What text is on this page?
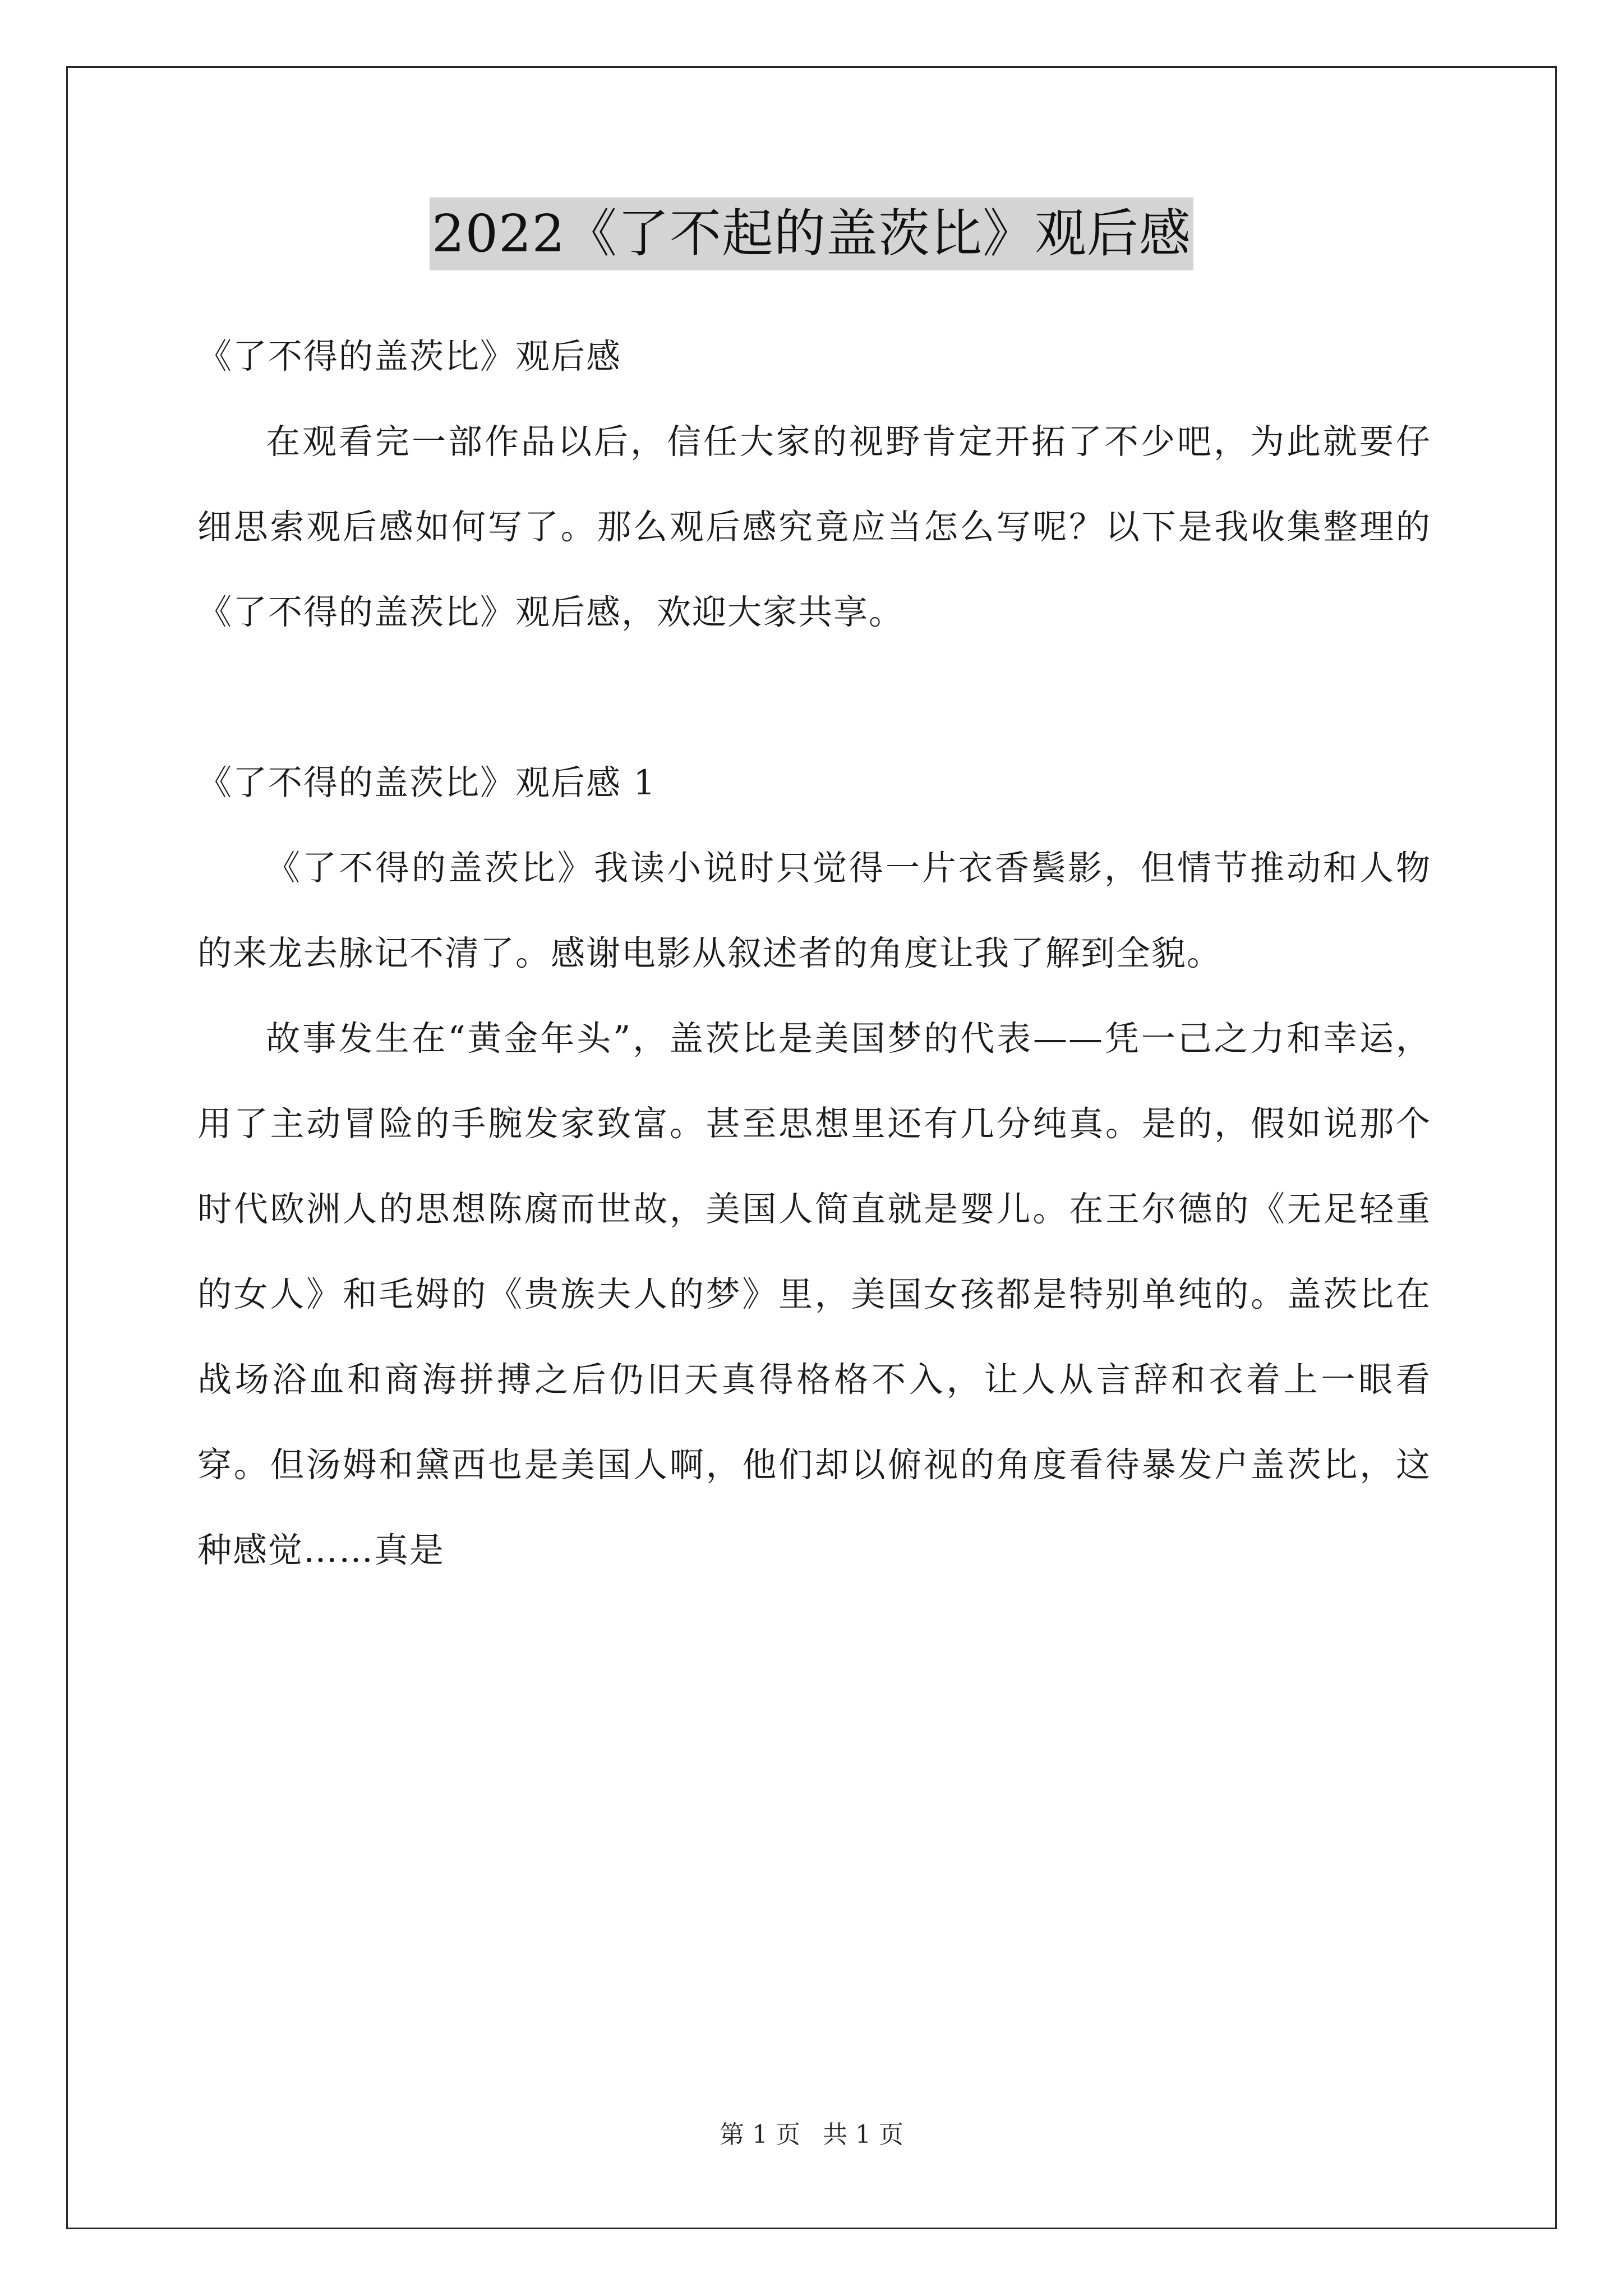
2022《了不起的盖茨比》观后感

《了不得的盖茨比》观后感

在观看完一部作品以后，信任大家的视野肯定开拓了不少吧，为此就要仔细思索观后感如何写了。那么观后感究竟应当怎么写呢？以下是我收集整理的《了不得的盖茨比》观后感，欢迎大家共享。

《了不得的盖茨比》观后感 1

《了不得的盖茨比》我读小说时只觉得一片衣香鬓影，但情节推动和人物的来龙去脉记不清了。感谢电影从叙述者的角度让我了解到全貌。

故事发生在“黄金年头”，盖茨比是美国梦的代表——凭一己之力和幸运，用了主动冒险的手腕发家致富。甚至思想里还有几分纯真。是的，假如说那个时代欧洲人的思想陈腐而世故，美国人简直就是婴儿。在王尔德的《无足轻重的女人》和毛姆的《贵族夫人的梦》里，美国女孩都是特别单纯的。盖茨比在战场浴血和商海拼搏之后仍旧天真得格格不入，让人从言辞和衣着上一眼看穿。但汤姆和黛西也是美国人啊，他们却以俯视的角度看待暴发户盖茨比，这种感觉……真是

第 1 页 共 1 页
